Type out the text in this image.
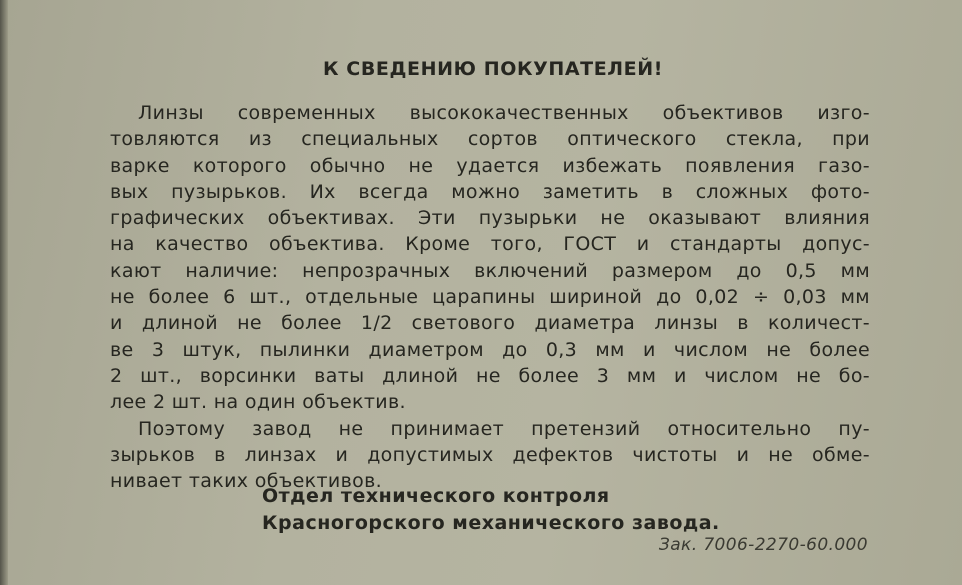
К СВЕДЕНИЮ ПОКУПАТЕЛЕЙ!
Линзы современных высококачественных объективов изго-
товляются из специальных сортов оптического стекла, при
варке которого обычно не удается избежать появления газо-
вых пузырьков. Их всегда можно заметить в сложных фото-
графических объективах. Эти пузырьки не оказывают влияния
на качество объектива. Кроме того, ГОСТ и стандарты допус-
кают наличие: непрозрачных включений размером до 0,5 мм
не более 6 шт., отдельные царапины шириной до 0,02 ÷ 0,03 мм
и длиной не более 1/2 светового диаметра линзы в количест-
ве 3 штук, пылинки диаметром до 0,3 мм и числом не более
2 шт., ворсинки ваты длиной не более 3 мм и числом не бо-
лее 2 шт. на один объектив.
Поэтому завод не принимает претензий относительно пу-
зырьков в линзах и допустимых дефектов чистоты и не обме-
нивает таких объективов.
Отдел технического контроля
Красногорского механического завода.
Зак. 7006-2270-60.000
